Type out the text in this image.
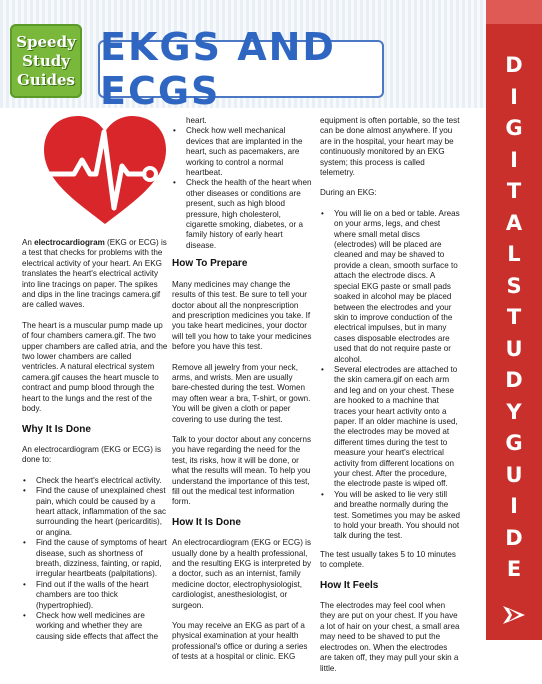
Speedy
Study
Guides
EKGS AND ECGS
D
I
G
I
T
A
L
S
T
U
D
Y
G
U
I
D
E

An electrocardiogram (EKG or ECG) is a test that checks for problems with the electrical activity of your heart. An EKG translates the heart's electrical activity into line tracings on paper. The spikes and dips in the line tracings camera.gif are called waves.

The heart is a muscular pump made up of four chambers camera.gif. The two upper chambers are called atria, and the two lower chambers are called ventricles. A natural electrical system camera.gif causes the heart muscle to contract and pump blood through the heart to the lungs and the rest of the body.

Why It Is Done

An electrocardiogram (EKG or ECG) is done to:

• Check the heart's electrical activity.
• Find the cause of unexplained chest pain, which could be caused by a heart attack, inflammation of the sac surrounding the heart (pericarditis), or angina.
• Find the cause of symptoms of heart disease, such as shortness of breath, dizziness, fainting, or rapid, irregular heartbeats (palpitations).
• Find out if the walls of the heart chambers are too thick (hypertrophied).
• Check how well medicines are working and whether they are causing side effects that affect the

heart.

• Check how well mechanical devices that are implanted in the heart, such as pacemakers, are working to control a normal heartbeat.
• Check the health of the heart when other diseases or conditions are present, such as high blood pressure, high cholesterol, cigarette smoking, diabetes, or a family history of early heart disease.
How To Prepare

Many medicines may change the results of this test. Be sure to tell your doctor about all the nonprescription and prescription medicines you take. If you take heart medicines, your doctor will tell you how to take your medicines before you have this test.

Remove all jewelry from your neck, arms, and wrists. Men are usually bare-chested during the test. Women may often wear a bra, T-shirt, or gown. You will be given a cloth or paper covering to use during the test.

Talk to your doctor about any concerns you have regarding the need for the test, its risks, how it will be done, or what the results will mean. To help you understand the importance of this test, fill out the medical test information form.

How It Is Done

An electrocardiogram (EKG or ECG) is usually done by a health professional, and the resulting EKG is interpreted by a doctor, such as an internist, family medicine doctor, electrophysiologist, cardiologist, anesthesiologist, or surgeon.

You may receive an EKG as part of a physical examination at your health professional's office or during a series of tests at a hospital or clinic. EKG

equipment is often portable, so the test can be done almost anywhere. If you are in the hospital, your heart may be continuously monitored by an EKG system; this process is called telemetry.

During an EKG:

• You will lie on a bed or table. Areas on your arms, legs, and chest where small metal discs (electrodes) will be placed are cleaned and may be shaved to provide a clean, smooth surface to attach the electrode discs. A special EKG paste or small pads soaked in alcohol may be placed between the electrodes and your skin to improve conduction of the electrical impulses, but in many cases disposable electrodes are used that do not require paste or alcohol.
• Several electrodes are attached to the skin camera.gif on each arm and leg and on your chest. These are hooked to a machine that traces your heart activity onto a paper. If an older machine is used, the electrodes may be moved at different times during the test to measure your heart's electrical activity from different locations on your chest. After the procedure, the electrode paste is wiped off.
• You will be asked to lie very still and breathe normally during the test. Sometimes you may be asked to hold your breath. You should not talk during the test.

The test usually takes 5 to 10 minutes to complete.

How It Feels

The electrodes may feel cool when they are put on your chest. If you have a lot of hair on your chest, a small area may need to be shaved to put the electrodes on. When the electrodes are taken off, they may pull your skin a little.
